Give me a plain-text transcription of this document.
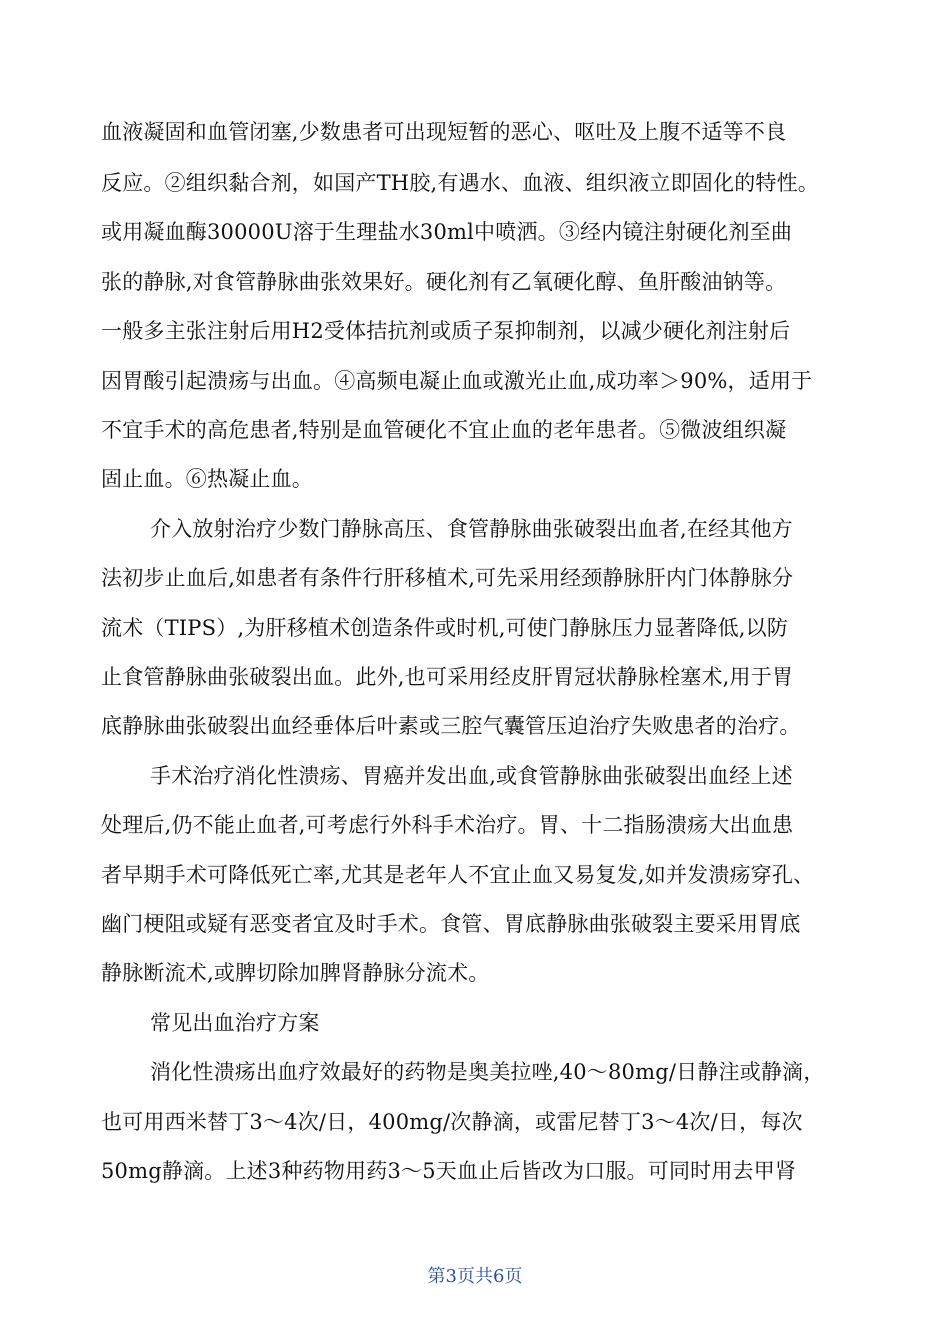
血液凝固和血管闭塞,少数患者可出现短暂的恶心、呕吐及上腹不适等不良
反应。②组织黏合剂，如国产TH胶,有遇水、血液、组织液立即固化的特性。
或用凝血酶30000U溶于生理盐水30ml中喷洒。③经内镜注射硬化剂至曲
张的静脉,对食管静脉曲张效果好。硬化剂有乙氧硬化醇、鱼肝酸油钠等。
一般多主张注射后用H2受体拮抗剂或质子泵抑制剂，以减少硬化剂注射后
因胃酸引起溃疡与出血。④高频电凝止血或激光止血,成功率＞90%，适用于
不宜手术的高危患者,特别是血管硬化不宜止血的老年患者。⑤微波组织凝
固止血。⑥热凝止血。
介入放射治疗少数门静脉高压、食管静脉曲张破裂出血者,在经其他方
法初步止血后,如患者有条件行肝移植术,可先采用经颈静脉肝内门体静脉分
流术（TIPS）,为肝移植术创造条件或时机,可使门静脉压力显著降低,以防
止食管静脉曲张破裂出血。此外,也可采用经皮肝胃冠状静脉栓塞术,用于胃
底静脉曲张破裂出血经垂体后叶素或三腔气囊管压迫治疗失败患者的治疗。
手术治疗消化性溃疡、胃癌并发出血,或食管静脉曲张破裂出血经上述
处理后,仍不能止血者,可考虑行外科手术治疗。胃、十二指肠溃疡大出血患
者早期手术可降低死亡率,尤其是老年人不宜止血又易复发,如并发溃疡穿孔、
幽门梗阻或疑有恶变者宜及时手术。食管、胃底静脉曲张破裂主要采用胃底
静脉断流术,或脾切除加脾肾静脉分流术。
常见出血治疗方案
消化性溃疡出血疗效最好的药物是奥美拉唑,40～80mg/日静注或静滴，
也可用西米替丁3～4次/日，400mg/次静滴，或雷尼替丁3～4次/日，每次
50mg静滴。上述3种药物用药3～5天血止后皆改为口服。可同时用去甲肾
第3页共6页
